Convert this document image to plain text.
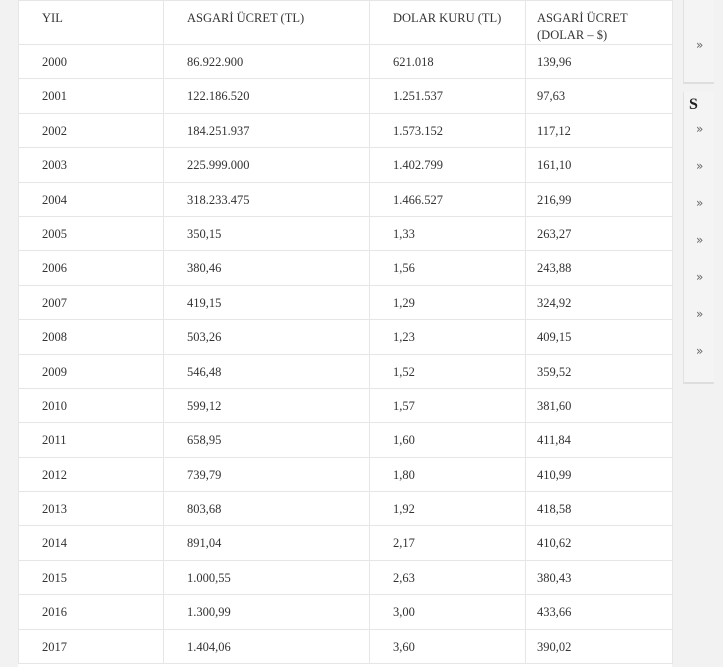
YIL	ASGARİ ÜCRET (TL)	DOLAR KURU (TL)	ASGARİ ÜCRET (DOLAR – $)
2000	86.922.900	621.018	139,96
2001	122.186.520	1.251.537	97,63
2002	184.251.937	1.573.152	117,12
2003	225.999.000	1.402.799	161,10
2004	318.233.475	1.466.527	216,99
2005	350,15	1,33	263,27
2006	380,46	1,56	243,88
2007	419,15	1,29	324,92
2008	503,26	1,23	409,15
2009	546,48	1,52	359,52
2010	599,12	1,57	381,60
2011	658,95	1,60	411,84
2012	739,79	1,80	410,99
2013	803,68	1,92	418,58
2014	891,04	2,17	410,62
2015	1.000,55	2,63	380,43
2016	1.300,99	3,00	433,66
2017	1.404,06	3,60	390,02
»
S
»
»
»
»
»
»
»
